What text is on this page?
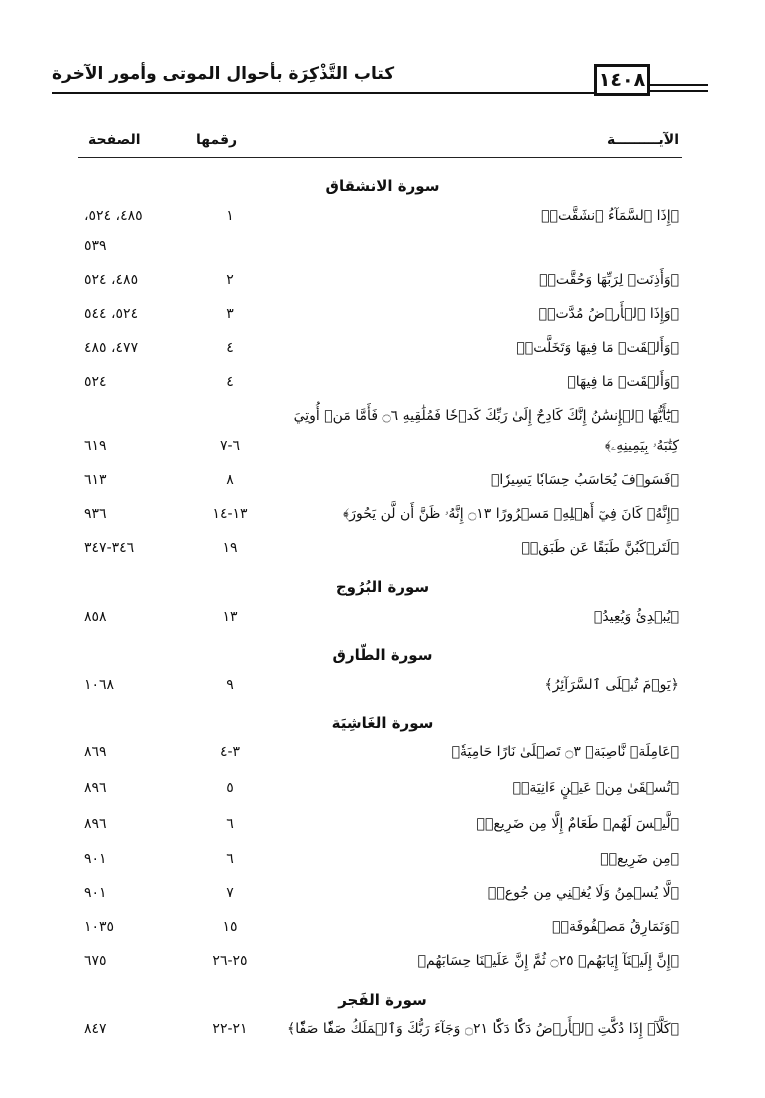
كتاب التَّذْكِرَة بأحوال الموتى وأمور الآخرة	١٤٠٨
الآيـــــــــة
رقمها
الصفحة
سورة الانشقاق
﴿إِذَا ٱلسَّمَآءُ ٱنشَقَّتۡ﴾
١
٤٨٥، ٥٢٤،
٥٣٩
﴿وَأَذِنَتۡ لِرَبِّهَا وَحُقَّتۡ﴾
٢
٤٨٥، ٥٢٤
﴿وَإِذَا ٱلۡأَرۡضُ مُدَّتۡ﴾
٣
٥٢٤، ٥٤٤
﴿وَأَلۡقَتۡ مَا فِيهَا وَتَخَلَّتۡ﴾
٤
٤٧٧، ٤٨٥
﴿وَأَلۡقَتۡ مَا فِيهَا﴾
٤
٥٢٤
﴿يَٰٓأَيُّهَا ٱلۡإِنسَٰنُ إِنَّكَ كَادِحٌ إِلَىٰ رَبِّكَ كَدۡحٗا فَمُلَٰقِيهِ ۝٦ فَأَمَّا مَنۡ أُوتِيَ
كِتَٰبَهُۥ بِيَمِينِهِۦ﴾
٦-٧
٦١٩
﴿فَسَوۡفَ يُحَاسَبُ حِسَابٗا يَسِيرٗا﴾
٨
٦١٣
﴿إِنَّهُۥ كَانَ فِيٓ أَهۡلِهِۦ مَسۡرُورًا ۝١٣ إِنَّهُۥ ظَنَّ أَن لَّن يَحُورَ﴾
١٣-١٤
٩٣٦
﴿لَتَرۡكَبُنَّ طَبَقًا عَن طَبَقٖ﴾
١٩
٣٤٦-٣٤٧
سورة البُرُوج
﴿يُبۡدِئُ وَيُعِيدُ﴾
١٣
٨٥٨
سورة الطّارق
﴿يَوۡمَ تُبۡلَى ٱلسَّرَآئِرُ﴾
٩
١٠٦٨
سورة الغَاشِيَة
﴿عَامِلَةٞ نَّاصِبَةٞ ۝٣ تَصۡلَىٰ نَارًا حَامِيَةٗ﴾
٣-٤
٨٦٩
﴿تُسۡقَىٰ مِنۡ عَيۡنٍ ءَانِيَةٖ﴾
٥
٨٩٦
﴿لَّيۡسَ لَهُمۡ طَعَامٌ إِلَّا مِن ضَرِيعٖ﴾
٦
٨٩٦
﴿مِن ضَرِيعٖ﴾
٦
٩٠١
﴿لَّا يُسۡمِنُ وَلَا يُغۡنِي مِن جُوعٖ﴾
٧
٩٠١
﴿وَنَمَارِقُ مَصۡفُوفَةٞ﴾
١٥
١٠٣٥
﴿إِنَّ إِلَيۡنَآ إِيَابَهُمۡ ۝٢٥ ثُمَّ إِنَّ عَلَيۡنَا حِسَابَهُم﴾
٢٥-٢٦
٦٧٥
سورة الفَجر
﴿كَلَّآۖ إِذَا دُكَّتِ ٱلۡأَرۡضُ دَكّٗا دَكّٗا ۝٢١ وَجَآءَ رَبُّكَ وَٱلۡمَلَكُ صَفّٗا صَفّٗا﴾
٢١-٢٢
٨٤٧
